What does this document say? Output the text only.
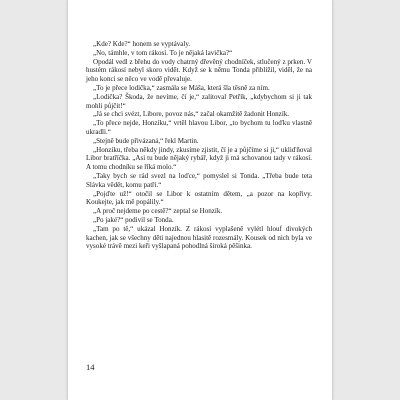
„Kde? Kde?“ honem se vyptávaly.

„No, támhle, v tom rákosí. To je nějaká lavička?“

Opodál vedl z břehu do vody chatrný dřevěný chodníček, stlučený z prken. V hustém rákosí nebyl skoro vidět. Když se k němu Tonda přiblížil, viděl, že na jeho konci se něco ve vodě převaluje.

„To je přece lodička,“ zasmála se Máša, která šla těsně za ním.

„Lodička? Škoda, že nevíme, čí je,“ zalitoval Petřík, „kdybychom si ji tak mohli půjčit!“

„Já se chci svézt, Libore, povoz nás,“ začal okamžitě žadonit Honzík.

„To přece nejde, Honzíku,“ vrtěl hlavou Libor, „to bychom tu loďku vlastně ukradli.“

„Stejně bude přivázaná,“ řekl Martin.

„Honzíku, třeba někdy jindy, zkusíme zjistit, čí je a půjčíme si ji,“ ukliďňoval Libor bratříčka. „Asi tu bude nějaký rybář, když ji má schovanou tady v rákosí. A tomu chodníku se říká molo.“

„Taky bych se rád svezl na loďce,“ pomyslel si Tonda. „Třeba bude teta Slávka vědět, komu patří.“

„Pojďte už!“ otočil se Libor k ostatním dětem, „a pozor na kopřivy. Koukejte, jak mě popálily.“

„A proč nejdeme po cestě?“ zeptal se Honzík.

„Po jaké?“ podivil se Tonda.

„Tam po tě,“ ukázal Honzík. Z rákosí vyplašeně vylétl hlouf divokých kachen, jak se všechny děti najednou hlasitě rozesmály. Kousek od nich byla ve vysoké trávě mezi keři vyšlapaná pohodlná široká pěšinka.

14
